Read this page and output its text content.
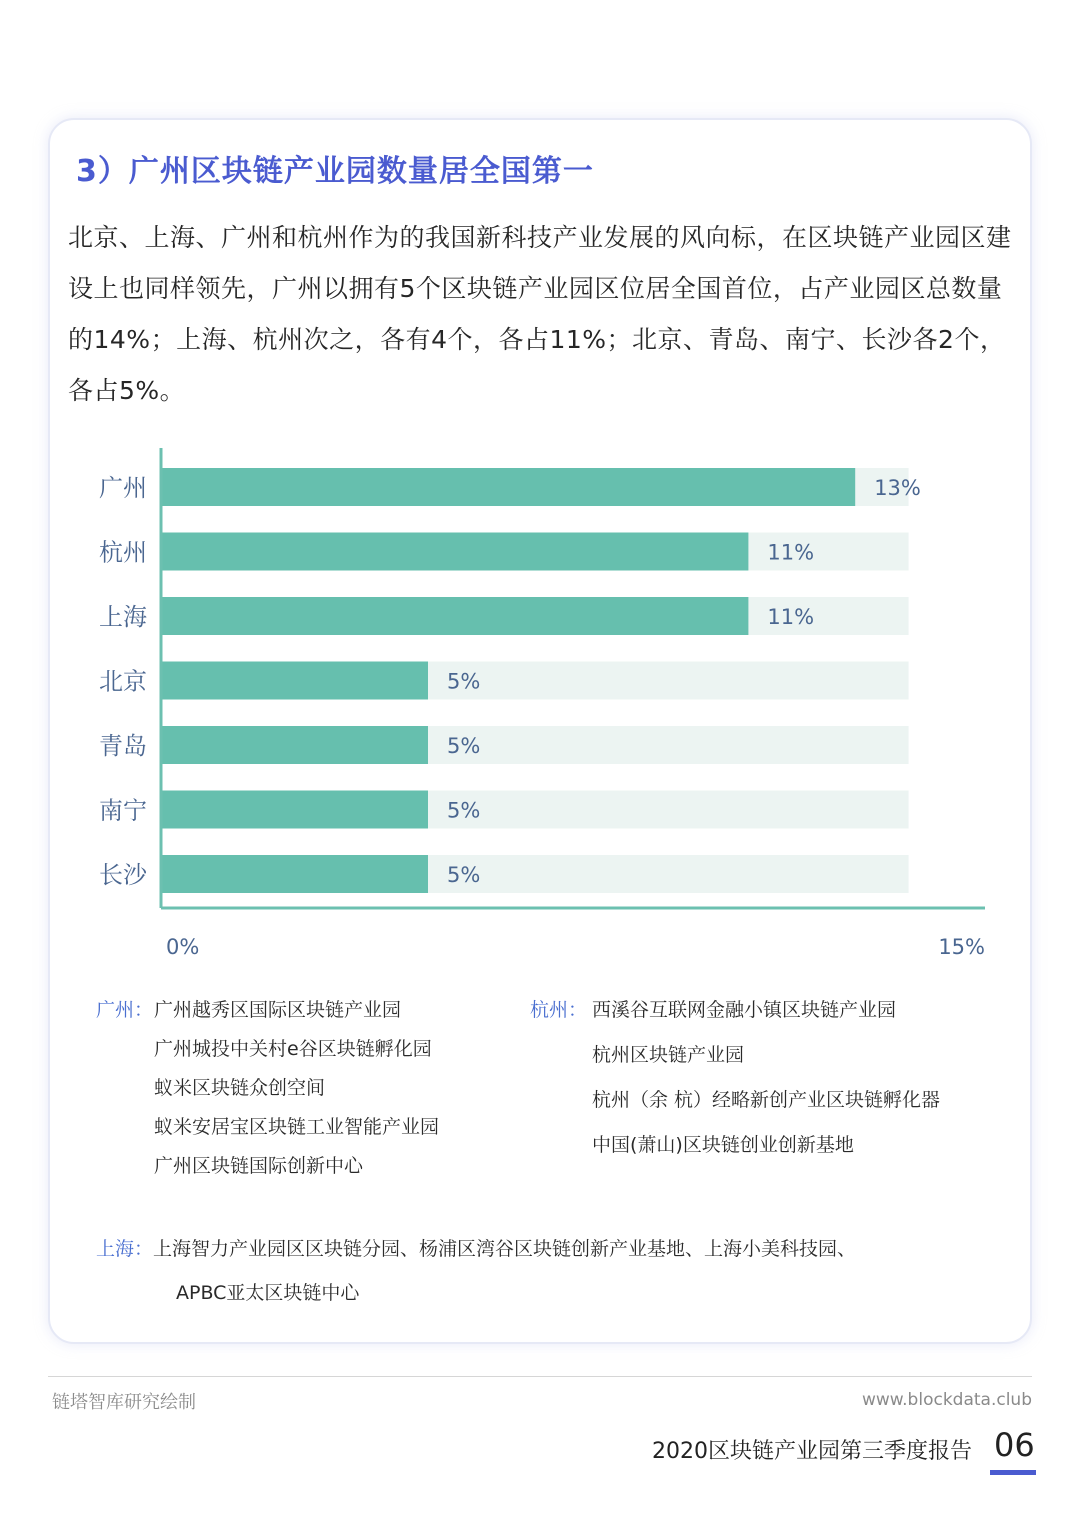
3）广州区块链产业园数量居全国第一

北京、上海、广州和杭州作为的我国新科技产业发展的风向标，在区块链产业园区建设上也同样领先，广州以拥有5个区块链产业园区位居全国首位，占产业园区总数量的14%；上海、杭州次之，各有4个，各占11%；北京、青岛、南宁、长沙各2个，各占5%。

广州	13%
杭州	11%
上海	11%
北京	5%
青岛	5%
南宁	5%
长沙	5%
0%	15%
广州： 广州越秀区国际区块链产业园
广州城投中关村e谷区块链孵化园
蚁米区块链众创空间
蚁米安居宝区块链工业智能产业园
广州区块链国际创新中心
杭州： 西溪谷互联网金融小镇区块链产业园
杭州区块链产业园
杭州（余 杭）经略新创产业区块链孵化器
中国(萧山)区块链创业创新基地
上海：上海智力产业园区区块链分园、杨浦区湾谷区块链创新产业基地、上海小美科技园、
APBC亚太区块链中心
链塔智库研究绘制	www.blockdata.club
2020区块链产业园第三季度报告 06
